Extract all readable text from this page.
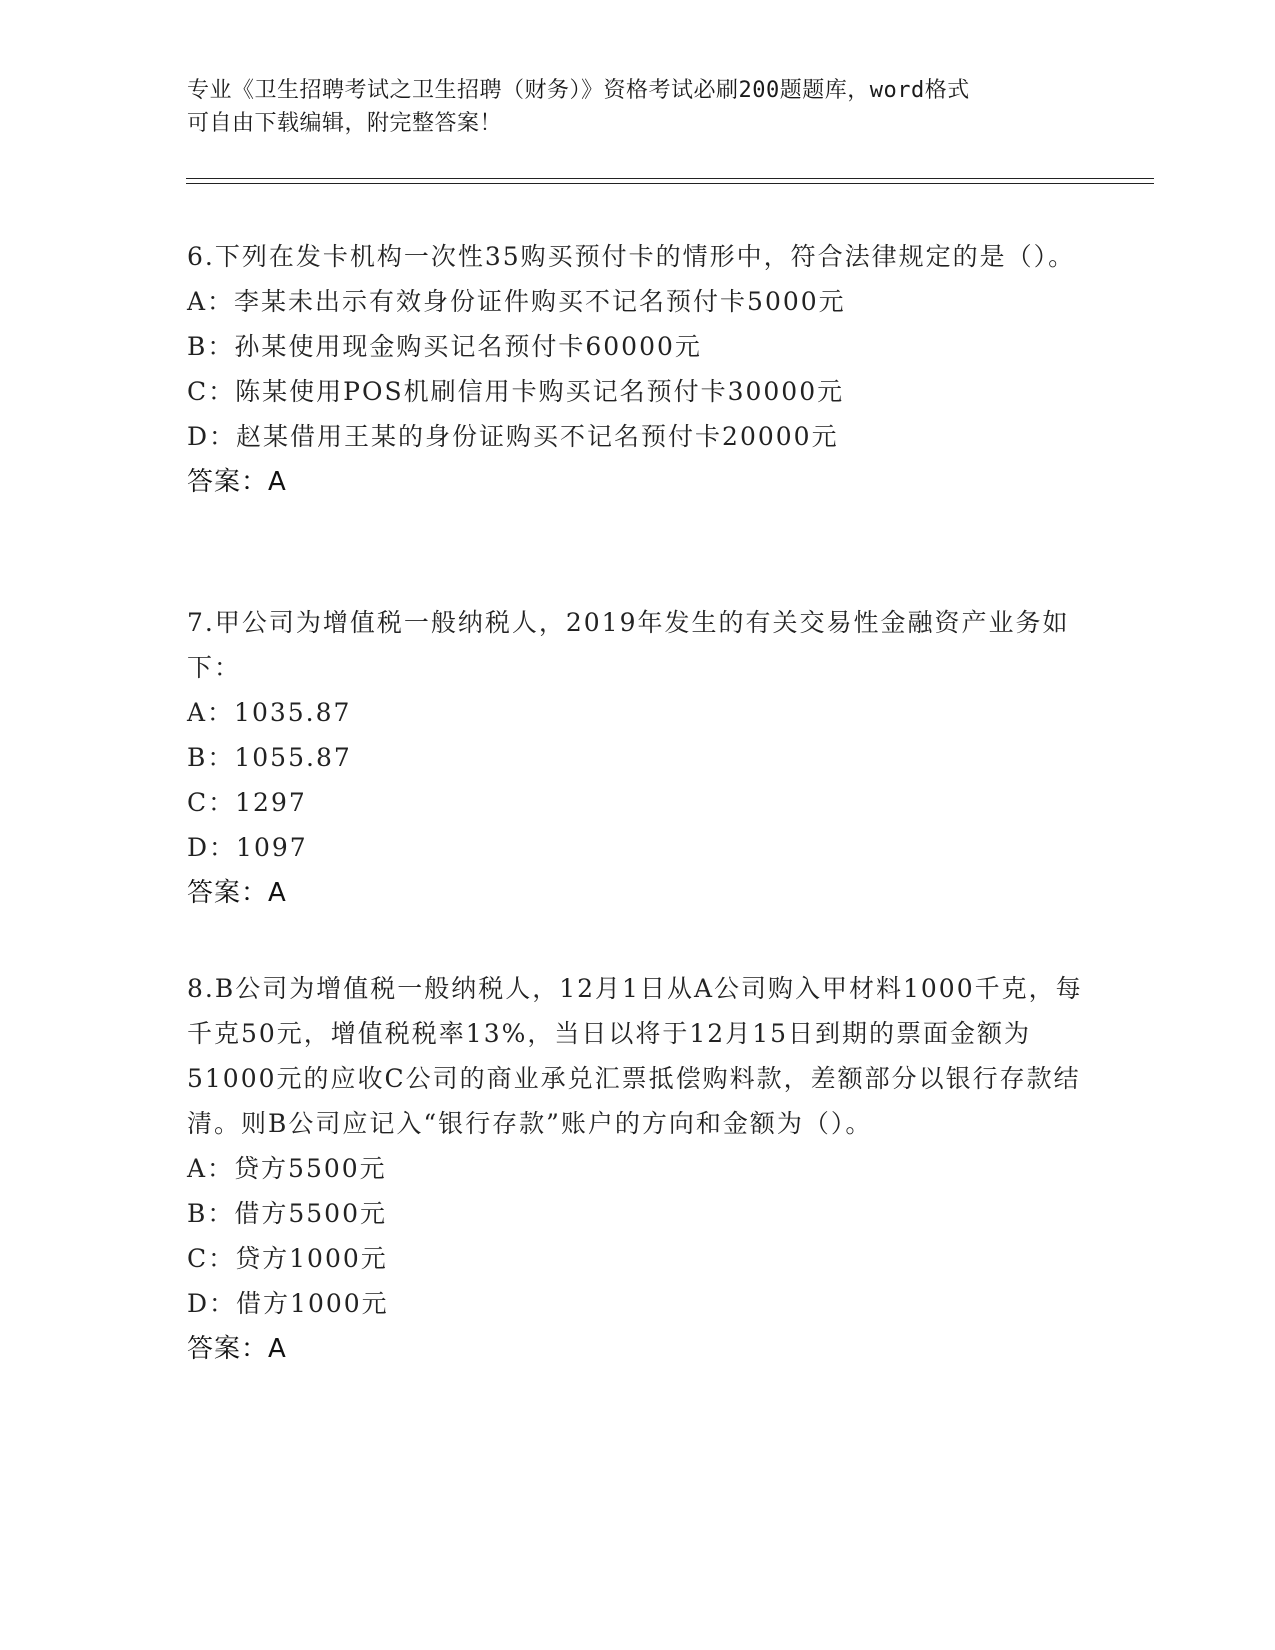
专业《卫生招聘考试之卫生招聘（财务）》资格考试必刷200题题库，word格式
可自由下载编辑，附完整答案！

6.下列在发卡机构一次性35购买预付卡的情形中，符合法律规定的是（）。

A：李某未出示有效身份证件购买不记名预付卡5000元

B：孙某使用现金购买记名预付卡60000元

C：陈某使用POS机刷信用卡购买记名预付卡30000元

D：赵某借用王某的身份证购买不记名预付卡20000元

答案：A

7.甲公司为增值税一般纳税人，2019年发生的有关交易性金融资产业务如下：

A：1035.87

B：1055.87

C：1297

D：1097

答案：A

8.B公司为增值税一般纳税人，12月1日从A公司购入甲材料1000千克，每千克50元，增值税税率13%，当日以将于12月15日到期的票面金额为51000元的应收C公司的商业承兑汇票抵偿购料款，差额部分以银行存款结清。则B公司应记入“银行存款”账户的方向和金额为（）。

A：贷方5500元

B：借方5500元

C：贷方1000元

D：借方1000元

答案：A
